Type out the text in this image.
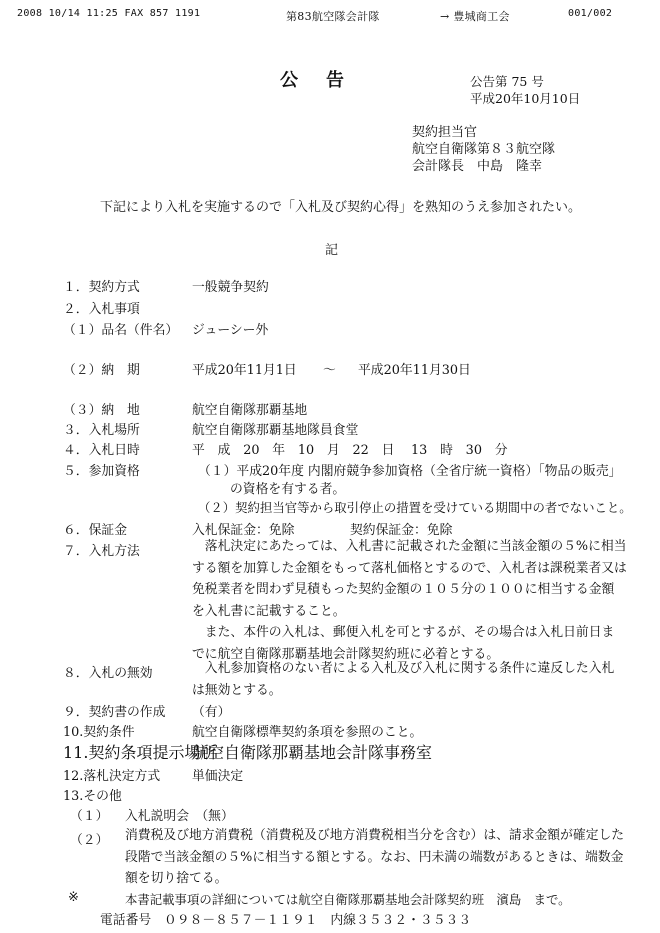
2008 10/14 11:25 FAX 857 1191	第83航空隊会計隊	→ 豊城商工会	001/002
公告	公告第 75 号
平成20年10月10日
契約担当官
航空自衛隊第８３航空隊
会計隊長　中島　隆幸
下記により入札を実施するので「入札及び契約心得」を熟知のうえ参加されたい。
記
１．契約方式	一般競争契約
２．入札事項
（１）品名（件名） ジューシー外
（２）納　期	平成20年11月1日 〜 平成20年11月30日
（３）納　地	航空自衛隊那覇基地
３．入札場所	航空自衛隊那覇基地隊員食堂
４．入札日時	平　成　20　年　10　月　22　日 13　時　30　分
５．参加資格	（１）平成20年度 内閣府競争参加資格（全省庁統一資格）「物品の販売」
の資格を有する者。
（２）契約担当官等から取引停止の措置を受けている期間中の者でないこと。
６．保証金	入札保証金：免除	契約保証金：免除
７．入札方法	落札決定にあたっては、入札書に記載された金額に当該金額の５%に相当する額を加算した金額をもって落札価格とするので、入札者は課税業者又は免税業者を問わず見積もった契約金額の１０５分の１００に相当する金額を入札書に記載すること。
また、本件の入札は、郵便入札を可とするが、その場合は入札日前日までに航空自衛隊那覇基地会計隊契約班に必着とする。
８．入札の無効	入札参加資格のない者による入札及び入札に関する条件に違反した入札は無効とする。
９．契約書の作成 （有）
10.契約条件	航空自衛隊標準契約条項を参照のこと。
11.契約条項提示場所
航空自衛隊那覇基地会計隊事務室
12.落札決定方式 単価決定
13.その他
（１） 入札説明会　（無）
（２） 消費税及び地方消費税（消費税及び地方消費税相当分を含む）は、請求金額が確定した段階で当該金額の５%に相当する額とする。なお、円未満の端数があるときは、端数金額を切り捨てる。
※	本書記載事項の詳細については航空自衛隊那覇基地会計隊契約班　濱島　まで。
電話番号　０９８－８５７－１１９１　内線３５３２・３５３３
